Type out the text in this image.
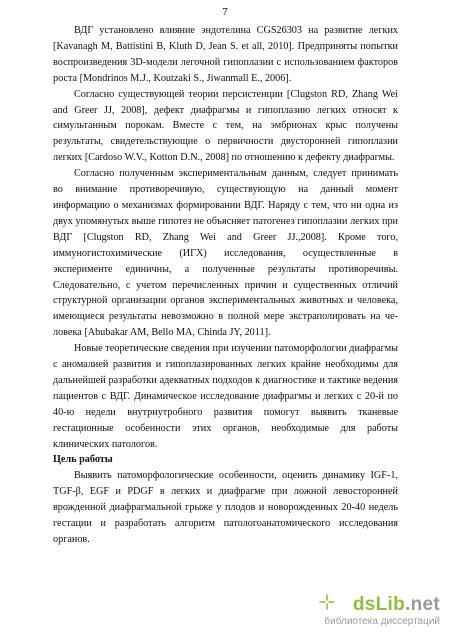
7

ВДГ установлено влияние эндотелина CGS26303 на развитие легких [Kavanagh M, Battistini B, Kluth D, Jean S. et all, 2010]. Предприняты попытки воспроизведения 3D-модели легочной гипоплазии с использованием факторов роста [Mondrinos M.J., Koutzaki S., Jiwanmall E., 2006].

Согласно существующей теории персистенции [Clugston RD, Zhang Wei and Greer JJ, 2008], дефект диафрагмы и гипоплазию легких относят к симультанным порокам. Вместе с тем, на эмбрионах крыс получены результаты, свидетельствующие о первичности двусторонней гипоплазии легких [Cardoso W.V., Kotton D.N., 2008] по отношению к дефекту диафрагмы.

Согласно полученным экспериментальным данным, следует принимать во внимание противоречивую, существующую на данный момент информацию о механизмах формировании ВДГ. Наряду с тем, что ни одна из двух упомянутых выше гипотез не объясняет патогенез гипоплазии легких при ВДГ [Clugston RD, Zhang Wei and Greer JJ.,2008]. Кроме того, иммуногистохимические (ИГХ) исследования, осуществленные в эксперименте единичны, а полученные результаты противоречивы. Следовательно, с учетом перечисленных причин и существенных отличий структурной организации органов экспериментальных животных и человека, имеющиеся результаты невозможно в полной мере экстраполировать на человека [Abubakar AM, Bello MA, Chinda JY, 2011].

Новые теоретические сведения при изучении патоморфологии диафрагмы с аномалией развития и гипоплазированных легких крайне необходимы для дальнейшей разработки адекватных подходов к диагностике и тактике ведения пациентов с ВДГ. Динамическое исследование диафрагмы и легких с 20-й по 40-ю недели внутриутробного развития помогут выявить тканевые гестационные особенности этих органов, необходимые для работы клинических патологов.

Цель работы

Выявить патоморфологические особенности, оценить динамику IGF-1, TGF-β, EGF и PDGF в легких и диафрагме при ложной левосторонней врожденной диафрагмальной грыже у плодов и новорожденных 20-40 недель гестации и разработать алгоритм патологоанатомического исследования органов.

dsLib.net
библиотека диссертаций
